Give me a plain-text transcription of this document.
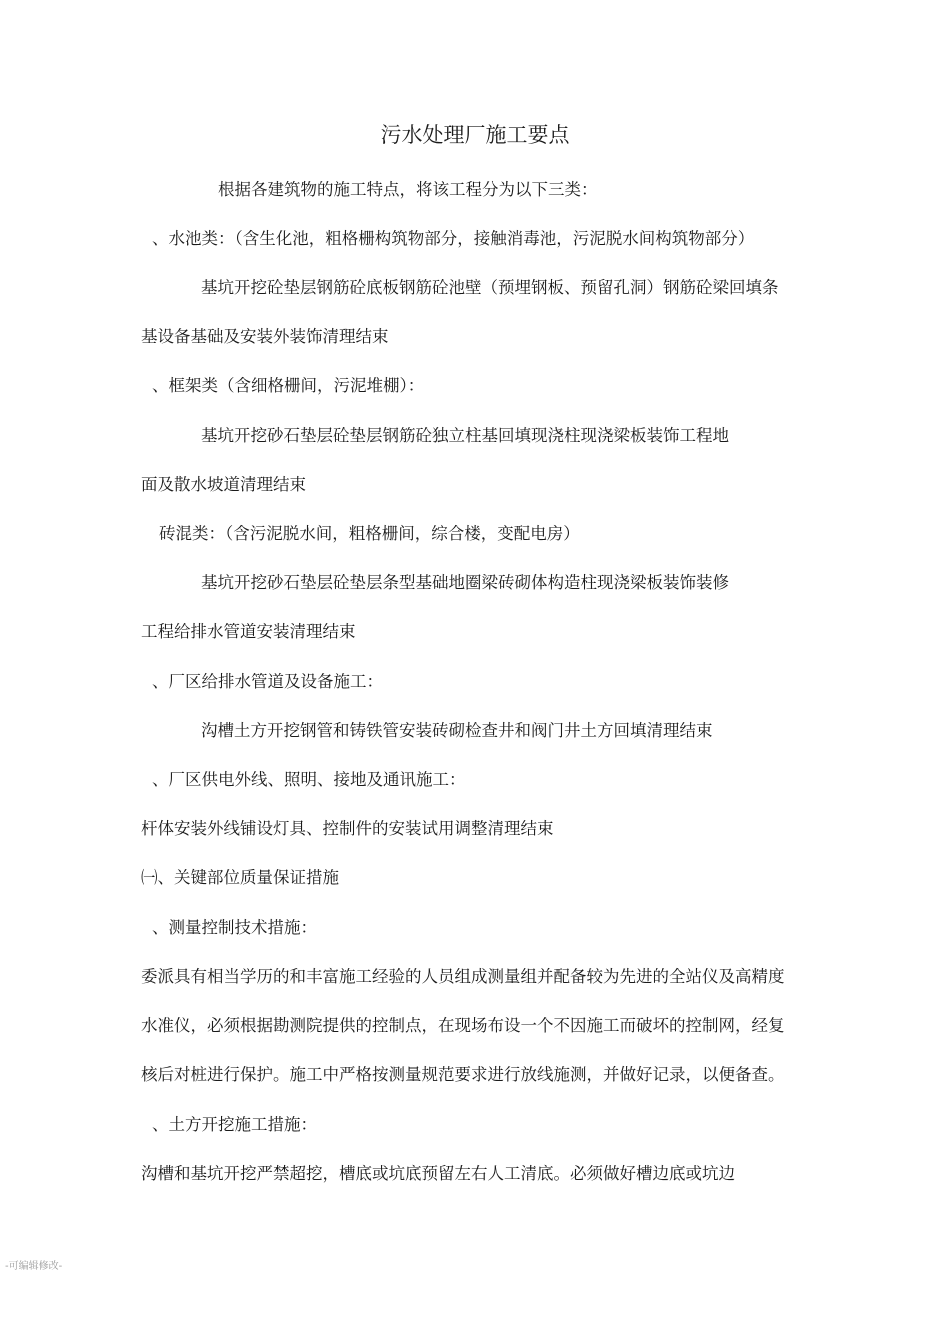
污水处理厂施工要点
根据各建筑物的施工特点，将该工程分为以下三类：
、水池类：（含生化池，粗格栅构筑物部分，接触消毒池，污泥脱水间构筑物部分）
基坑开挖砼垫层钢筋砼底板钢筋砼池壁（预埋钢板、预留孔洞）钢筋砼梁回填条
基设备基础及安装外装饰清理结束
、框架类（含细格栅间，污泥堆棚）：
基坑开挖砂石垫层砼垫层钢筋砼独立柱基回填现浇柱现浇梁板装饰工程地
面及散水坡道清理结束
砖混类：（含污泥脱水间，粗格栅间，综合楼，变配电房）
基坑开挖砂石垫层砼垫层条型基础地圈梁砖砌体构造柱现浇梁板装饰装修
工程给排水管道安装清理结束
、厂区给排水管道及设备施工：
沟槽土方开挖钢管和铸铁管安装砖砌检查井和阀门井土方回填清理结束
、厂区供电外线、照明、接地及通讯施工：
杆体安装外线铺设灯具、控制件的安装试用调整清理结束
㈠、关键部位质量保证措施
、测量控制技术措施：
委派具有相当学历的和丰富施工经验的人员组成测量组并配备较为先进的全站仪及高精度
水准仪，必须根据勘测院提供的控制点，在现场布设一个不因施工而破坏的控制网，经复
核后对桩进行保护。施工中严格按测量规范要求进行放线施测，并做好记录，以便备查。
、土方开挖施工措施：
沟槽和基坑开挖严禁超挖，槽底或坑底预留左右人工清底。必须做好槽边底或坑边
-可编辑修改-
